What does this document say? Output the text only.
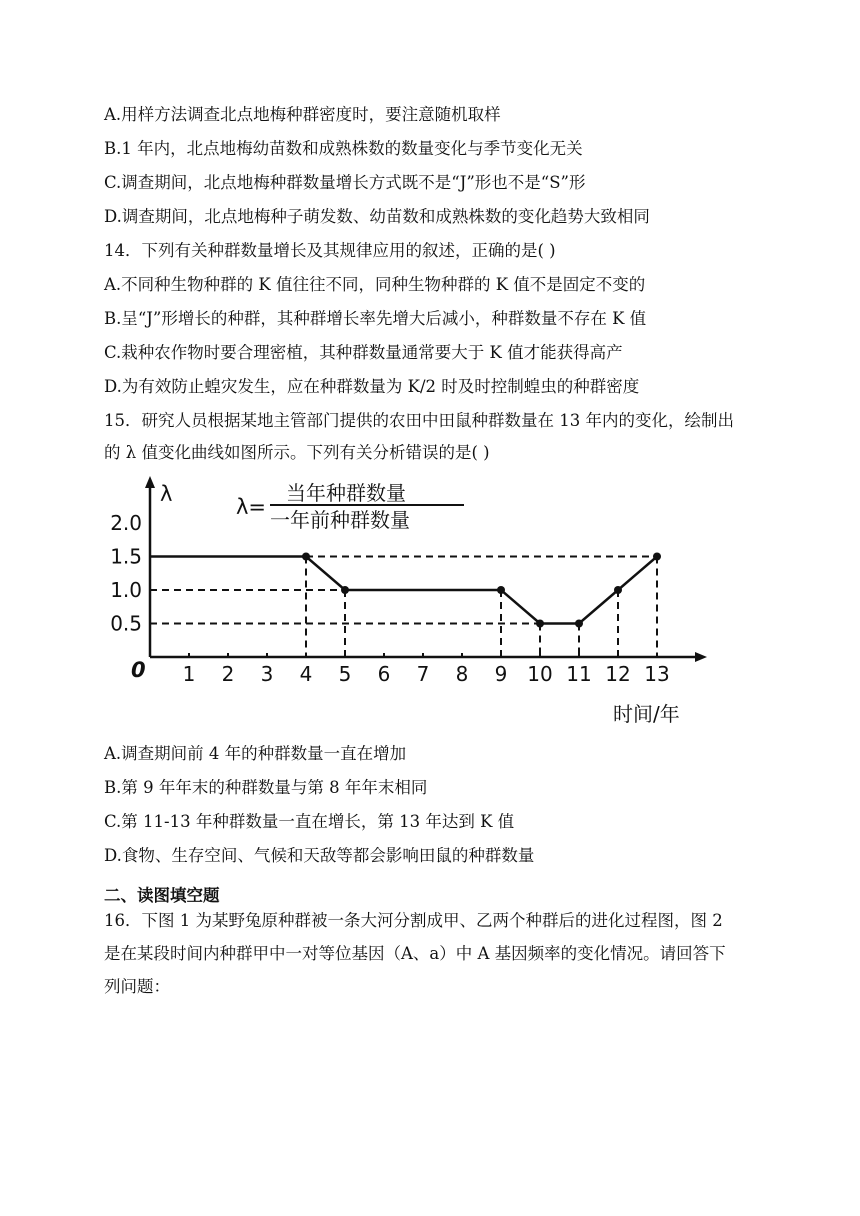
A.用样方法调查北点地梅种群密度时，要注意随机取样
B.1 年内，北点地梅幼苗数和成熟株数的数量变化与季节变化无关
C.调查期间，北点地梅种群数量增长方式既不是“J”形也不是“S”形
D.调查期间，北点地梅种子萌发数、幼苗数和成熟株数的变化趋势大致相同
14．下列有关种群数量增长及其规律应用的叙述，正确的是( )
A.不同种生物种群的 K 值往往不同，同种生物种群的 K 值不是固定不变的
B.呈“J”形增长的种群，其种群增长率先增大后减小，种群数量不存在 K 值
C.栽种农作物时要合理密植，其种群数量通常要大于 K 值才能获得高产
D.为有效防止蝗灾发生，应在种群数量为 K/2 时及时控制蝗虫的种群密度
15．研究人员根据某地主管部门提供的农田中田鼠种群数量在 13 年内的变化，绘制出
的 λ 值变化曲线如图所示。下列有关分析错误的是( )
1 2 3 4 5 6 7 8 9 10 11 12 13
0.5
1.0
1.5
2.0
λ
λ=
当年种群数量
一年前种群数量
时间/年
0
A.调查期间前 4 年的种群数量一直在增加
B.第 9 年年末的种群数量与第 8 年年末相同
C.第 11-13 年种群数量一直在增长，第 13 年达到 K 值
D.食物、生存空间、气候和天敌等都会影响田鼠的种群数量
二、读图填空题
16．下图 1 为某野兔原种群被一条大河分割成甲、乙两个种群后的进化过程图，图 2
是在某段时间内种群甲中一对等位基因（A、a）中 A 基因频率的变化情况。请回答下
列问题：
